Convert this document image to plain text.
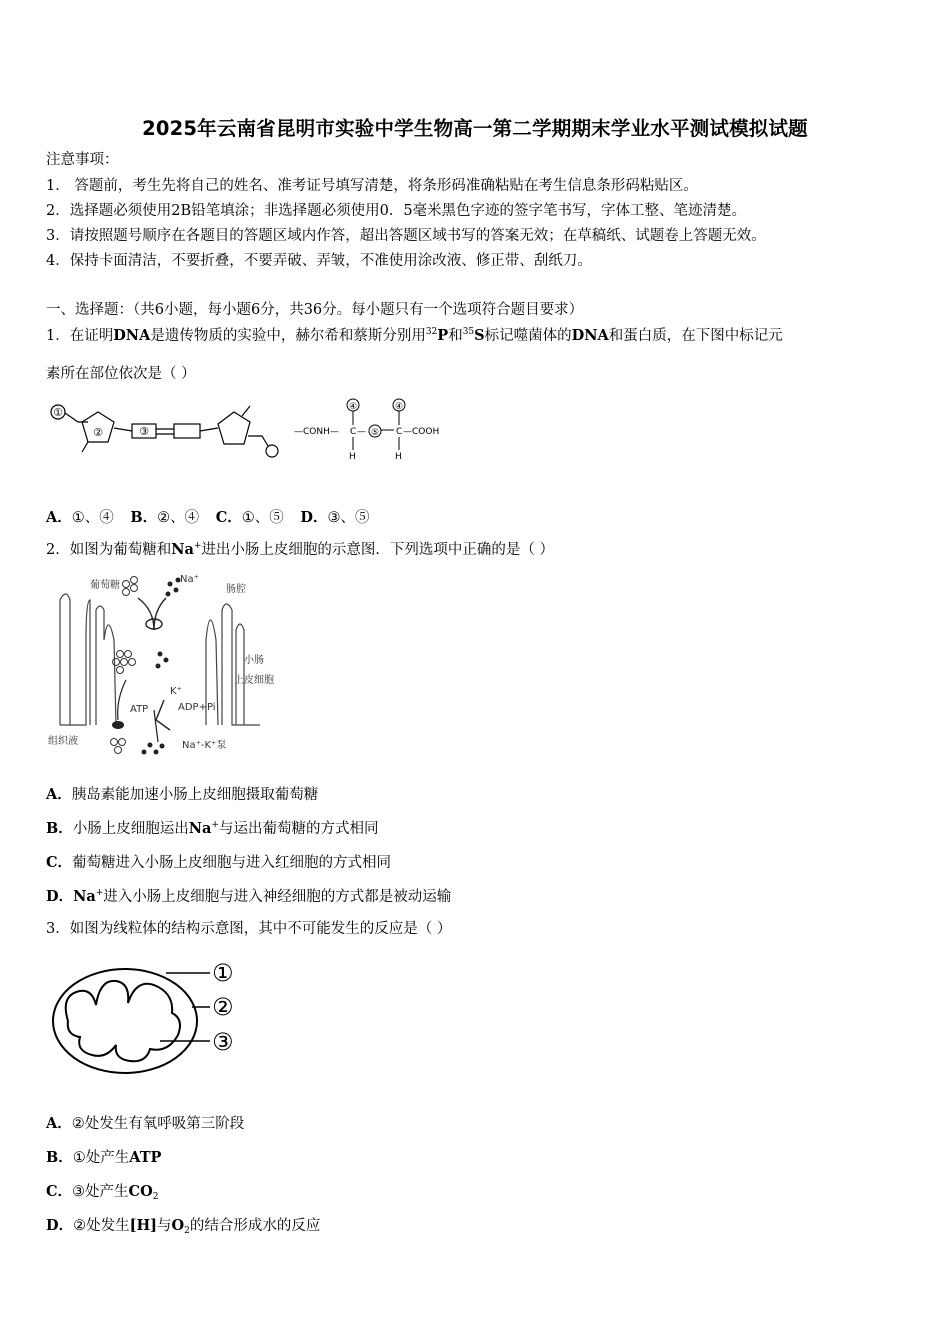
2025年云南省昆明市实验中学生物高一第二学期期末学业水平测试模拟试题
注意事项：
1． 答题前，考生先将自己的姓名、准考证号填写清楚，将条形码准确粘贴在考生信息条形码粘贴区。
2．选择题必须使用2B铅笔填涂；非选择题必须使用0．5毫米黑色字迹的签字笔书写，字体工整、笔迹清楚。
3．请按照题号顺序在各题目的答题区域内作答，超出答题区域书写的答案无效；在草稿纸、试题卷上答题无效。
4．保持卡面清洁，不要折叠，不要弄破、弄皱，不准使用涂改液、修正带、刮纸刀。
一、选择题：（共6小题，每小题6分，共36分。每小题只有一个选项符合题目要求）
1．在证明DNA是遗传物质的实验中，赫尔希和蔡斯分别用$^{32}$P和$^{35}$S标记噬菌体的DNA和蛋白质，在下图中标记元
素所在部位依次是（ ）
①
②	③	—CONH— C —	C —COOH
H	H
④	④
⑤
A．①、④ B．②、④ C．①、⑤ D．③、⑤
2．如图为葡萄糖和Na+进出小肠上皮细胞的示意图．下列选项中正确的是（ ）
葡萄糖
Na⁺
肠腔
小肠
上皮细胞
ATP	ADP+Pi
K⁺
组织液	Na⁺-K⁺泵
A．胰岛素能加速小肠上皮细胞摄取葡萄糖
B．小肠上皮细胞运出Na+与运出葡萄糖的方式相同
C．葡萄糖进入小肠上皮细胞与进入红细胞的方式相同
D．Na+进入小肠上皮细胞与进入神经细胞的方式都是被动运输
3．如图为线粒体的结构示意图，其中不可能发生的反应是（ ）
①
②
③
A．②处发生有氧呼吸第三阶段
B．①处产生ATP
C．③处产生$CO_2$
D．②处发生[H]与$O_2$的结合形成水的反应
